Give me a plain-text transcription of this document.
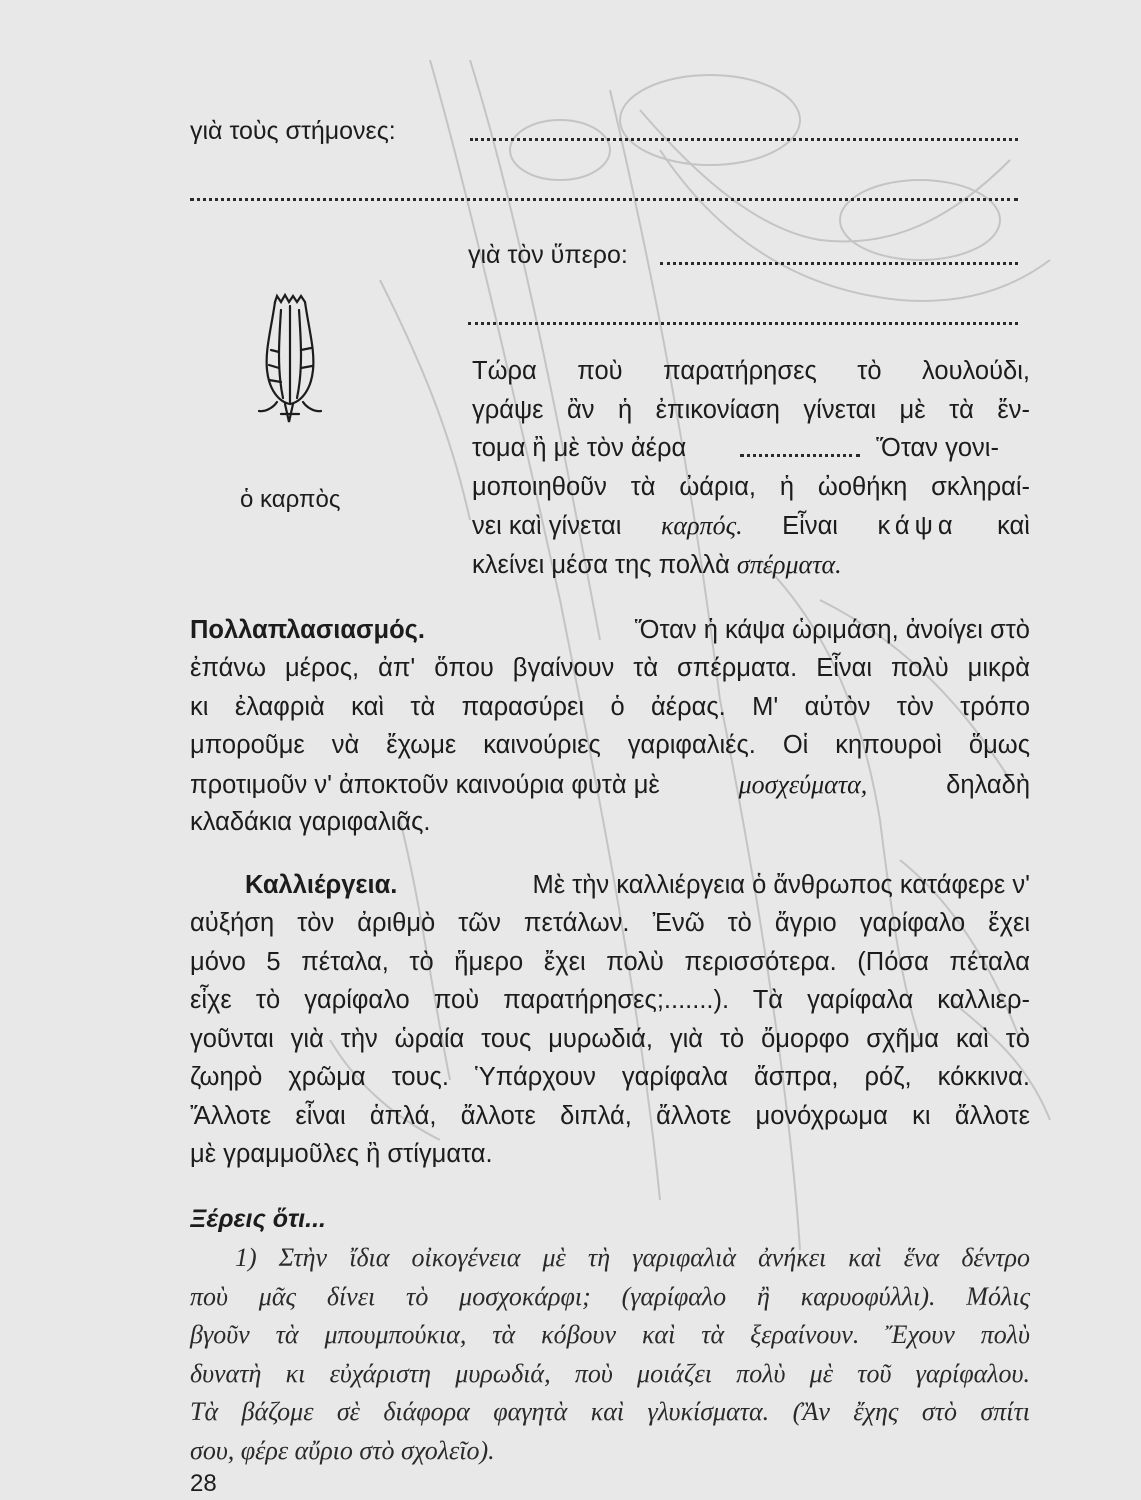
γιὰ τοὺς στήμονες:
γιὰ τὸν ὕπερο:
ὁ καρπὸς
Τώρα ποὺ παρατήρησες τὸ λουλούδι,
γράψε ἂν ἡ ἐπικονίαση γίνεται μὲ τὰ ἔν-
τομα ἢ μὲ τὸν ἀέρα	Ὅταν γονι-
μοποιηθοῦν τὰ ὠάρια, ἡ ὠοθήκη σκληραί-
νει καὶ γίνεται καρπός. Εἶναι κάψα καὶ
κλείνει μέσα της πολλὰ σπέρματα.
Πολλαπλασιασμός.	Ὅταν ἡ κάψα ὡριμάση, ἀνοίγει στὸ
ἐπάνω μέρος, ἀπ' ὅπου βγαίνουν τὰ σπέρματα. Εἶναι πολὺ μικρὰ
κι ἐλαφριὰ καὶ τὰ παρασύρει ὁ ἀέρας. Μ' αὐτὸν τὸν τρόπο
μποροῦμε νὰ ἔχωμε καινούριες γαριφαλιές. Οἱ κηπουροὶ ὅμως
προτιμοῦν ν' ἀποκτοῦν καινούρια φυτὰ μὲ	μοσχεύματα,	δηλαδὴ
κλαδάκια γαριφαλιᾶς.
Καλλιέργεια.	Μὲ τὴν καλλιέργεια ὁ ἄνθρωπος κατάφερε ν'
αὐξήση τὸν ἀριθμὸ τῶν πετάλων. Ἐνῶ τὸ ἄγριο γαρίφαλο ἔχει
μόνο 5 πέταλα, τὸ ἥμερο ἔχει πολὺ περισσότερα. (Πόσα πέταλα
εἶχε τὸ γαρίφαλο ποὺ παρατήρησες;.......). Τὰ γαρίφαλα καλλιερ-
γοῦνται γιὰ τὴν ὡραία τους μυρωδιά, γιὰ τὸ ὄμορφο σχῆμα καὶ τὸ
ζωηρὸ χρῶμα τους. Ὑπάρχουν γαρίφαλα ἄσπρα, ρόζ, κόκκινα.
Ἄλλοτε εἶναι ἁπλά, ἄλλοτε διπλά, ἄλλοτε μονόχρωμα κι ἄλλοτε
μὲ γραμμοῦλες ἢ στίγματα.
Ξέρεις ὅτι...
1) Στὴν ἴδια οἰκογένεια μὲ τὴ γαριφαλιὰ ἀνήκει καὶ ἕνα δέντρο
ποὺ μᾶς δίνει τὸ μοσχοκάρφι; (γαρίφαλο ἢ καρυοφύλλι). Μόλις
βγοῦν τὰ μπουμπούκια, τὰ κόβουν καὶ τὰ ξεραίνουν. Ἔχουν πολὺ
δυνατὴ κι εὐχάριστη μυρωδιά, ποὺ μοιάζει πολὺ μὲ τοῦ γαρίφαλου.
Τὰ βάζομε σὲ διάφορα φαγητὰ καὶ γλυκίσματα. (Ἂν ἔχης στὸ σπίτι
σου, φέρε αὔριο στὸ σχολεῖο).
28
